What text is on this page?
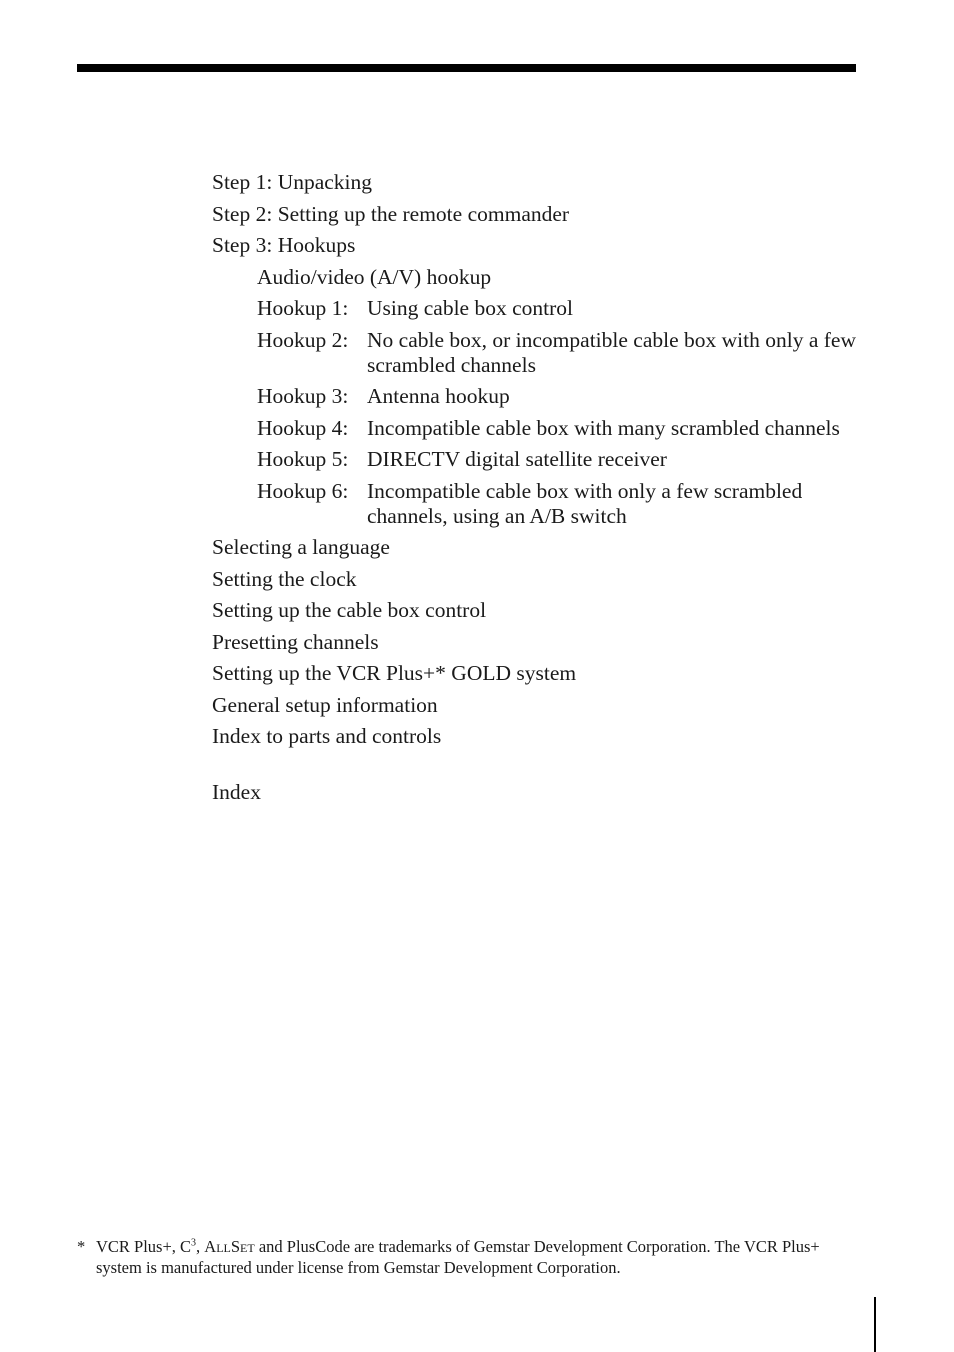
Step 1: Unpacking
Step 2: Setting up the remote commander
Step 3: Hookups
Audio/video (A/V) hookup
Hookup 1: Using cable box control
Hookup 2: No cable box, or incompatible cable box with only a few scrambled channels
Hookup 3: Antenna hookup
Hookup 4: Incompatible cable box with many scrambled channels
Hookup 5: DIRECTV digital satellite receiver
Hookup 6: Incompatible cable box with only a few scrambled channels, using an A/B switch
Selecting a language
Setting the clock
Setting up the cable box control
Presetting channels
Setting up the VCR Plus+* GOLD system
General setup information
Index to parts and controls
Index
* VCR Plus+, $C^3$, AllSet and PlusCode are trademarks of Gemstar Development Corporation. The VCR Plus+ system is manufactured under license from Gemstar Development Corporation.
